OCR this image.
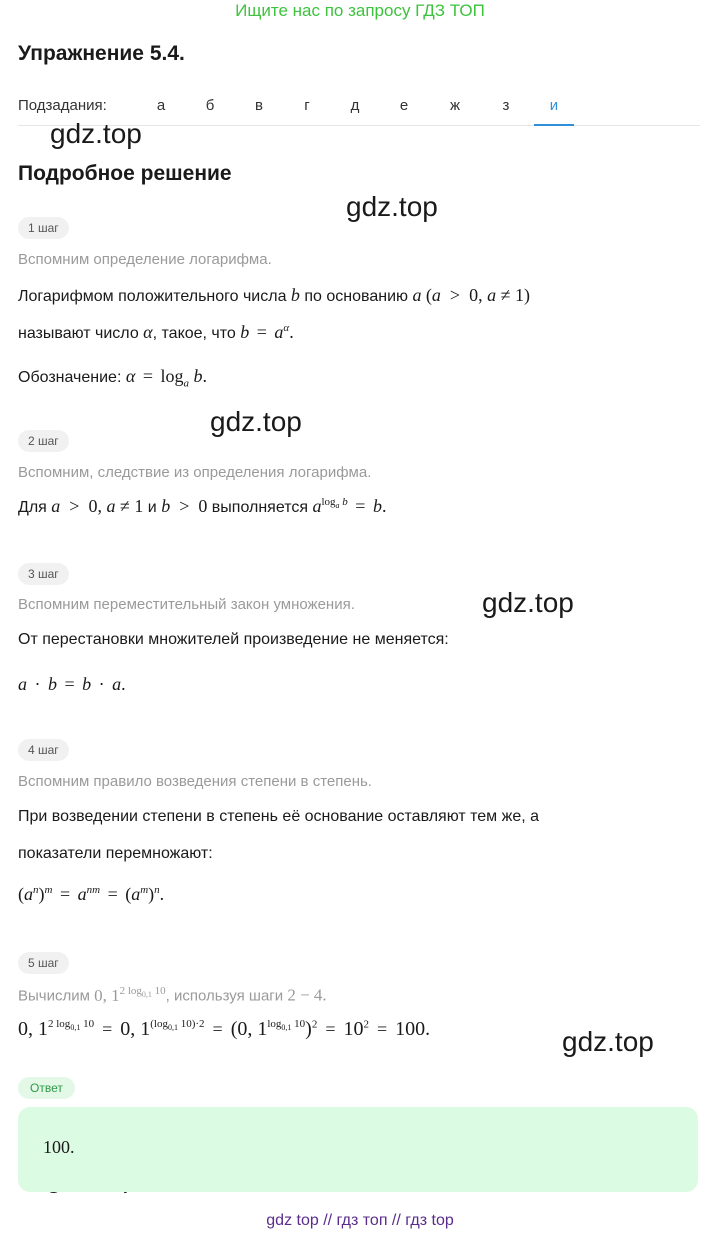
Ищите нас по запросу ГДЗ ТОП
Упражнение 5.4.
Подзадания:	а	б	в	г	д	е	ж	з	и
gdz.top
gdz.top
gdz.top
gdz.top
gdz.top
Подробное решение
1 шаг
Вспомним определение логарифма.
Логарифмом положительного числа b по основанию a (a  >  0, a ≠ 1)
называют число α, такое, что $b = a^\alpha$.
Обозначение: $\alpha = \log_a b$.
2 шаг
Вспомним, следствие из определения логарифма.
Для a  >  0, a ≠ 1 и b  >  0 выполняется $a^{log_a b} = b$.
3 шаг
Вспомним переместительный закон умножения.
От перестановки множителей произведение не меняется:
a · b = b · a.
4 шаг
Вспомним правило возведения степени в степень.
При возведении степени в степень её основание оставляют тем же, а
показатели перемножают:
$(a^n)^m = a^{nm} = (a^m)^n$.
5 шаг
Вычислим 0, $1^{2 log_{0,1} 10}$, используя шаги 2 − 4.
0, $1^{2 log_{0,1} 10} = 0$, $1^{(log_{0,1} 10)\cdot 2} = (0$, $1^{log_{0,1} 10})^2 = 10^2 = 100$.
Ответ
100.
gdz top // гдз топ // гдз top
